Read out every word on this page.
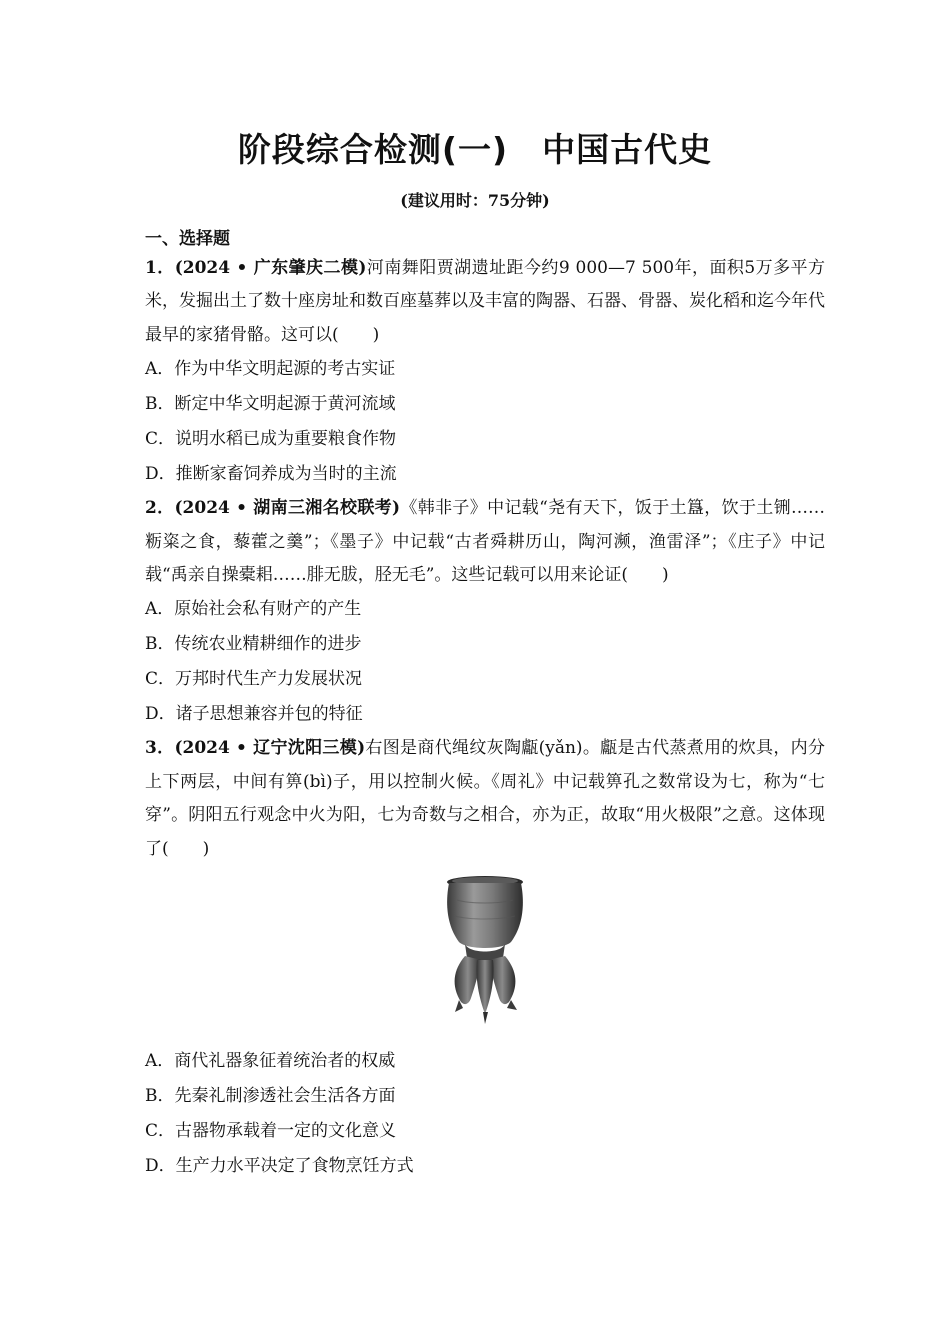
阶段综合检测(一)　中国古代史
(建议用时：75分钟)
一、选择题
1．(2024 • 广东肇庆二模)河南舞阳贾湖遗址距今约9 000—7 500年，面积5万多平方米，发掘出土了数十座房址和数百座墓葬以及丰富的陶器、石器、骨器、炭化稻和迄今年代最早的家猪骨骼。这可以(　　)
A．作为中华文明起源的考古实证
B．断定中华文明起源于黄河流域
C．说明水稻已成为重要粮食作物
D．推断家畜饲养成为当时的主流
2．(2024 • 湖南三湘名校联考)《韩非子》中记载“尧有天下，饭于土簋，饮于土铏……粝粢之食，藜藿之羹”；《墨子》中记载“古者舜耕历山，陶河濒，渔雷泽”；《庄子》中记载“禹亲自操橐耜……腓无胈，胫无毛”。这些记载可以用来论证(　　)
A．原始社会私有财产的产生
B．传统农业精耕细作的进步
C．万邦时代生产力发展状况
D．诸子思想兼容并包的特征
3．(2024 • 辽宁沈阳三模)右图是商代绳纹灰陶甗(yǎn)。甗是古代蒸煮用的炊具，内分上下两层，中间有箅(bì)子，用以控制火候。《周礼》中记载箅孔之数常设为七，称为“七穿”。阴阳五行观念中火为阳，七为奇数与之相合，亦为正，故取“用火极限”之意。这体现了(　　)
A．商代礼器象征着统治者的权威
B．先秦礼制渗透社会生活各方面
C．古器物承载着一定的文化意义
D．生产力水平决定了食物烹饪方式
